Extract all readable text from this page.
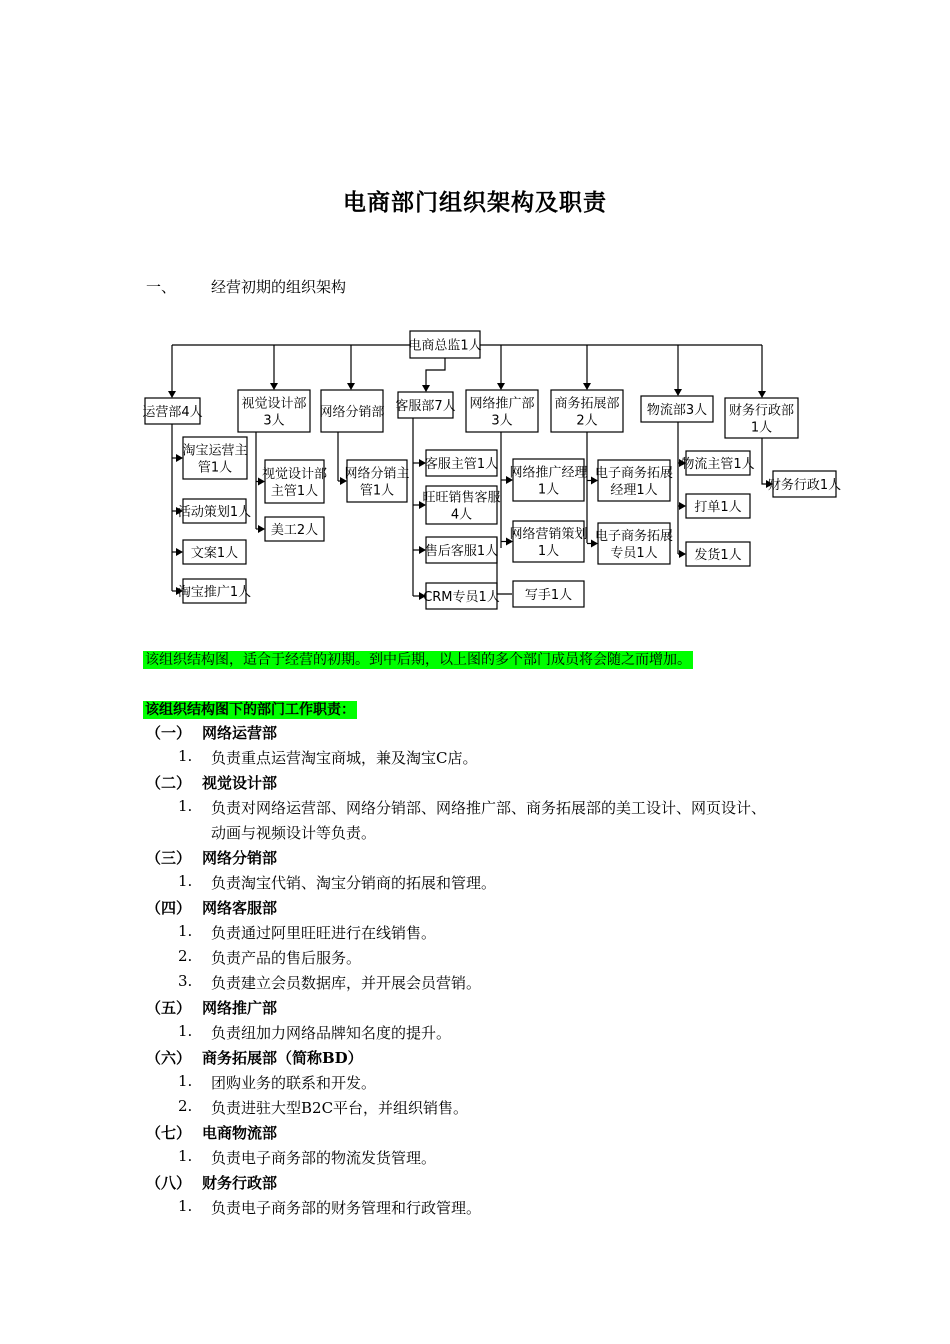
电商部门组织架构及职责
一、 经营初期的组织架构
电商总监1人
运营部4人
视觉设计部
3人
网络分销部 客服部7人 网络推广部
3人
商务拓展部
2人
物流部3人 财务行政部
1人
淘宝运营主
管1人
活动策划1人
文案1人
淘宝推广1人
视觉设计部
主管1人
美工2人
网络分销主
管1人
客服主管1人
旺旺销售客服
4人
售后客服1人
CRM专员1人
网络推广经理
1人
网络营销策划
1人
写手1人
电子商务拓展
经理1人
电子商务拓展
专员1人
物流主管1人
打单1人
发货1人
财务行政1人
该组织结构图，适合于经营的初期。到中后期，以上图的多个部门成员将会随之而增加。
该组织结构图下的部门工作职责：
（一） 网络运营部
1. 负责重点运营淘宝商城，兼及淘宝C店。
（二） 视觉设计部
1. 负责对网络运营部、网络分销部、网络推广部、商务拓展部的美工设计、网页设计、
动画与视频设计等负责。
（三） 网络分销部
1. 负责淘宝代销、淘宝分销商的拓展和管理。
（四） 网络客服部
1. 负责通过阿里旺旺进行在线销售。
2. 负责产品的售后服务。
3. 负责建立会员数据库，并开展会员营销。
（五） 网络推广部
1. 负责纽加力网络品牌知名度的提升。
（六） 商务拓展部（简称BD）
1. 团购业务的联系和开发。
2. 负责进驻大型B2C平台，并组织销售。
（七） 电商物流部
1. 负责电子商务部的物流发货管理。
（八） 财务行政部
1. 负责电子商务部的财务管理和行政管理。
